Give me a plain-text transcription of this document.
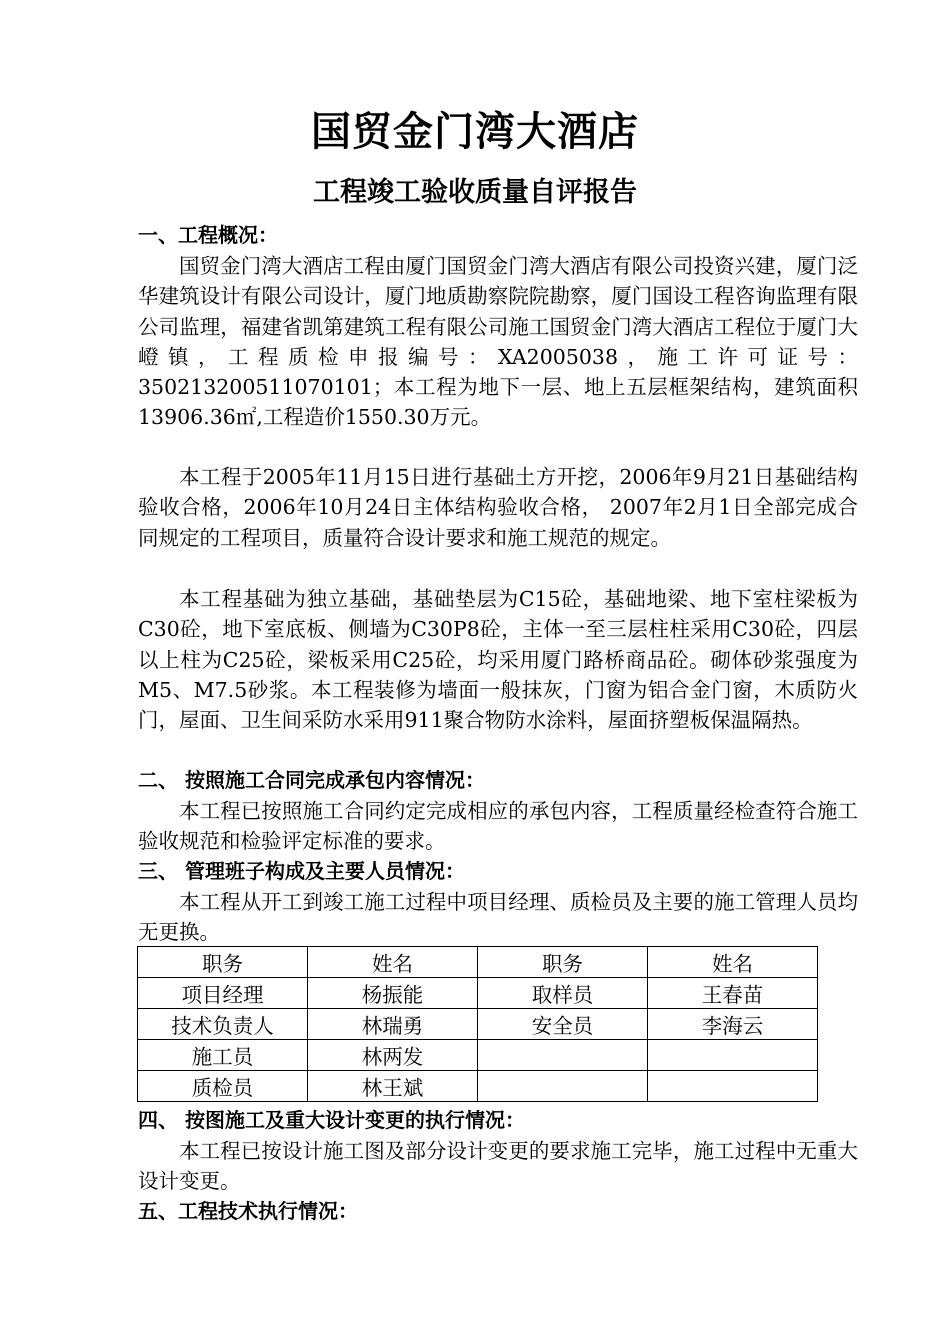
国贸金门湾大酒店
工程竣工验收质量自评报告
一、工程概况：
国贸金门湾大酒店工程由厦门国贸金门湾大酒店有限公司投资兴建，厦门泛华建筑设计有限公司设计，厦门地质勘察院院勘察，厦门国设工程咨询监理有限公司监理，福建省凯第建筑工程有限公司施工国贸金门湾大酒店工程位于厦门大嶝镇，工程质检申报编号：XA2005038，施工许可证号：350213200511070101；本工程为地下一层、地上五层框架结构，建筑面积13906.36㎡,工程造价1550.30万元。
本工程于2005年11月15日进行基础土方开挖，2006年9月21日基础结构验收合格，2006年10月24日主体结构验收合格， 2007年2月1日全部完成合同规定的工程项目，质量符合设计要求和施工规范的规定。
本工程基础为独立基础，基础垫层为C15砼，基础地梁、地下室柱梁板为C30砼，地下室底板、侧墙为C30P8砼，主体一至三层柱柱采用C30砼，四层以上柱为C25砼，梁板采用C25砼，均采用厦门路桥商品砼。砌体砂浆强度为M5、M7.5砂浆。本工程装修为墙面一般抹灰，门窗为铝合金门窗，木质防火门，屋面、卫生间采防水采用911聚合物防水涂料，屋面挤塑板保温隔热。
二、 按照施工合同完成承包内容情况：
本工程已按照施工合同约定完成相应的承包内容，工程质量经检查符合施工验收规范和检验评定标准的要求。
三、 管理班子构成及主要人员情况：
本工程从开工到竣工施工过程中项目经理、质检员及主要的施工管理人员均无更换。
职务	姓名	职务	姓名
项目经理	杨振能	取样员	王春苗
技术负责人	林瑞勇	安全员	李海云
施工员	林两发		
质检员	林王斌		
四、 按图施工及重大设计变更的执行情况：
本工程已按设计施工图及部分设计变更的要求施工完毕，施工过程中无重大设计变更。
五、工程技术执行情况：
